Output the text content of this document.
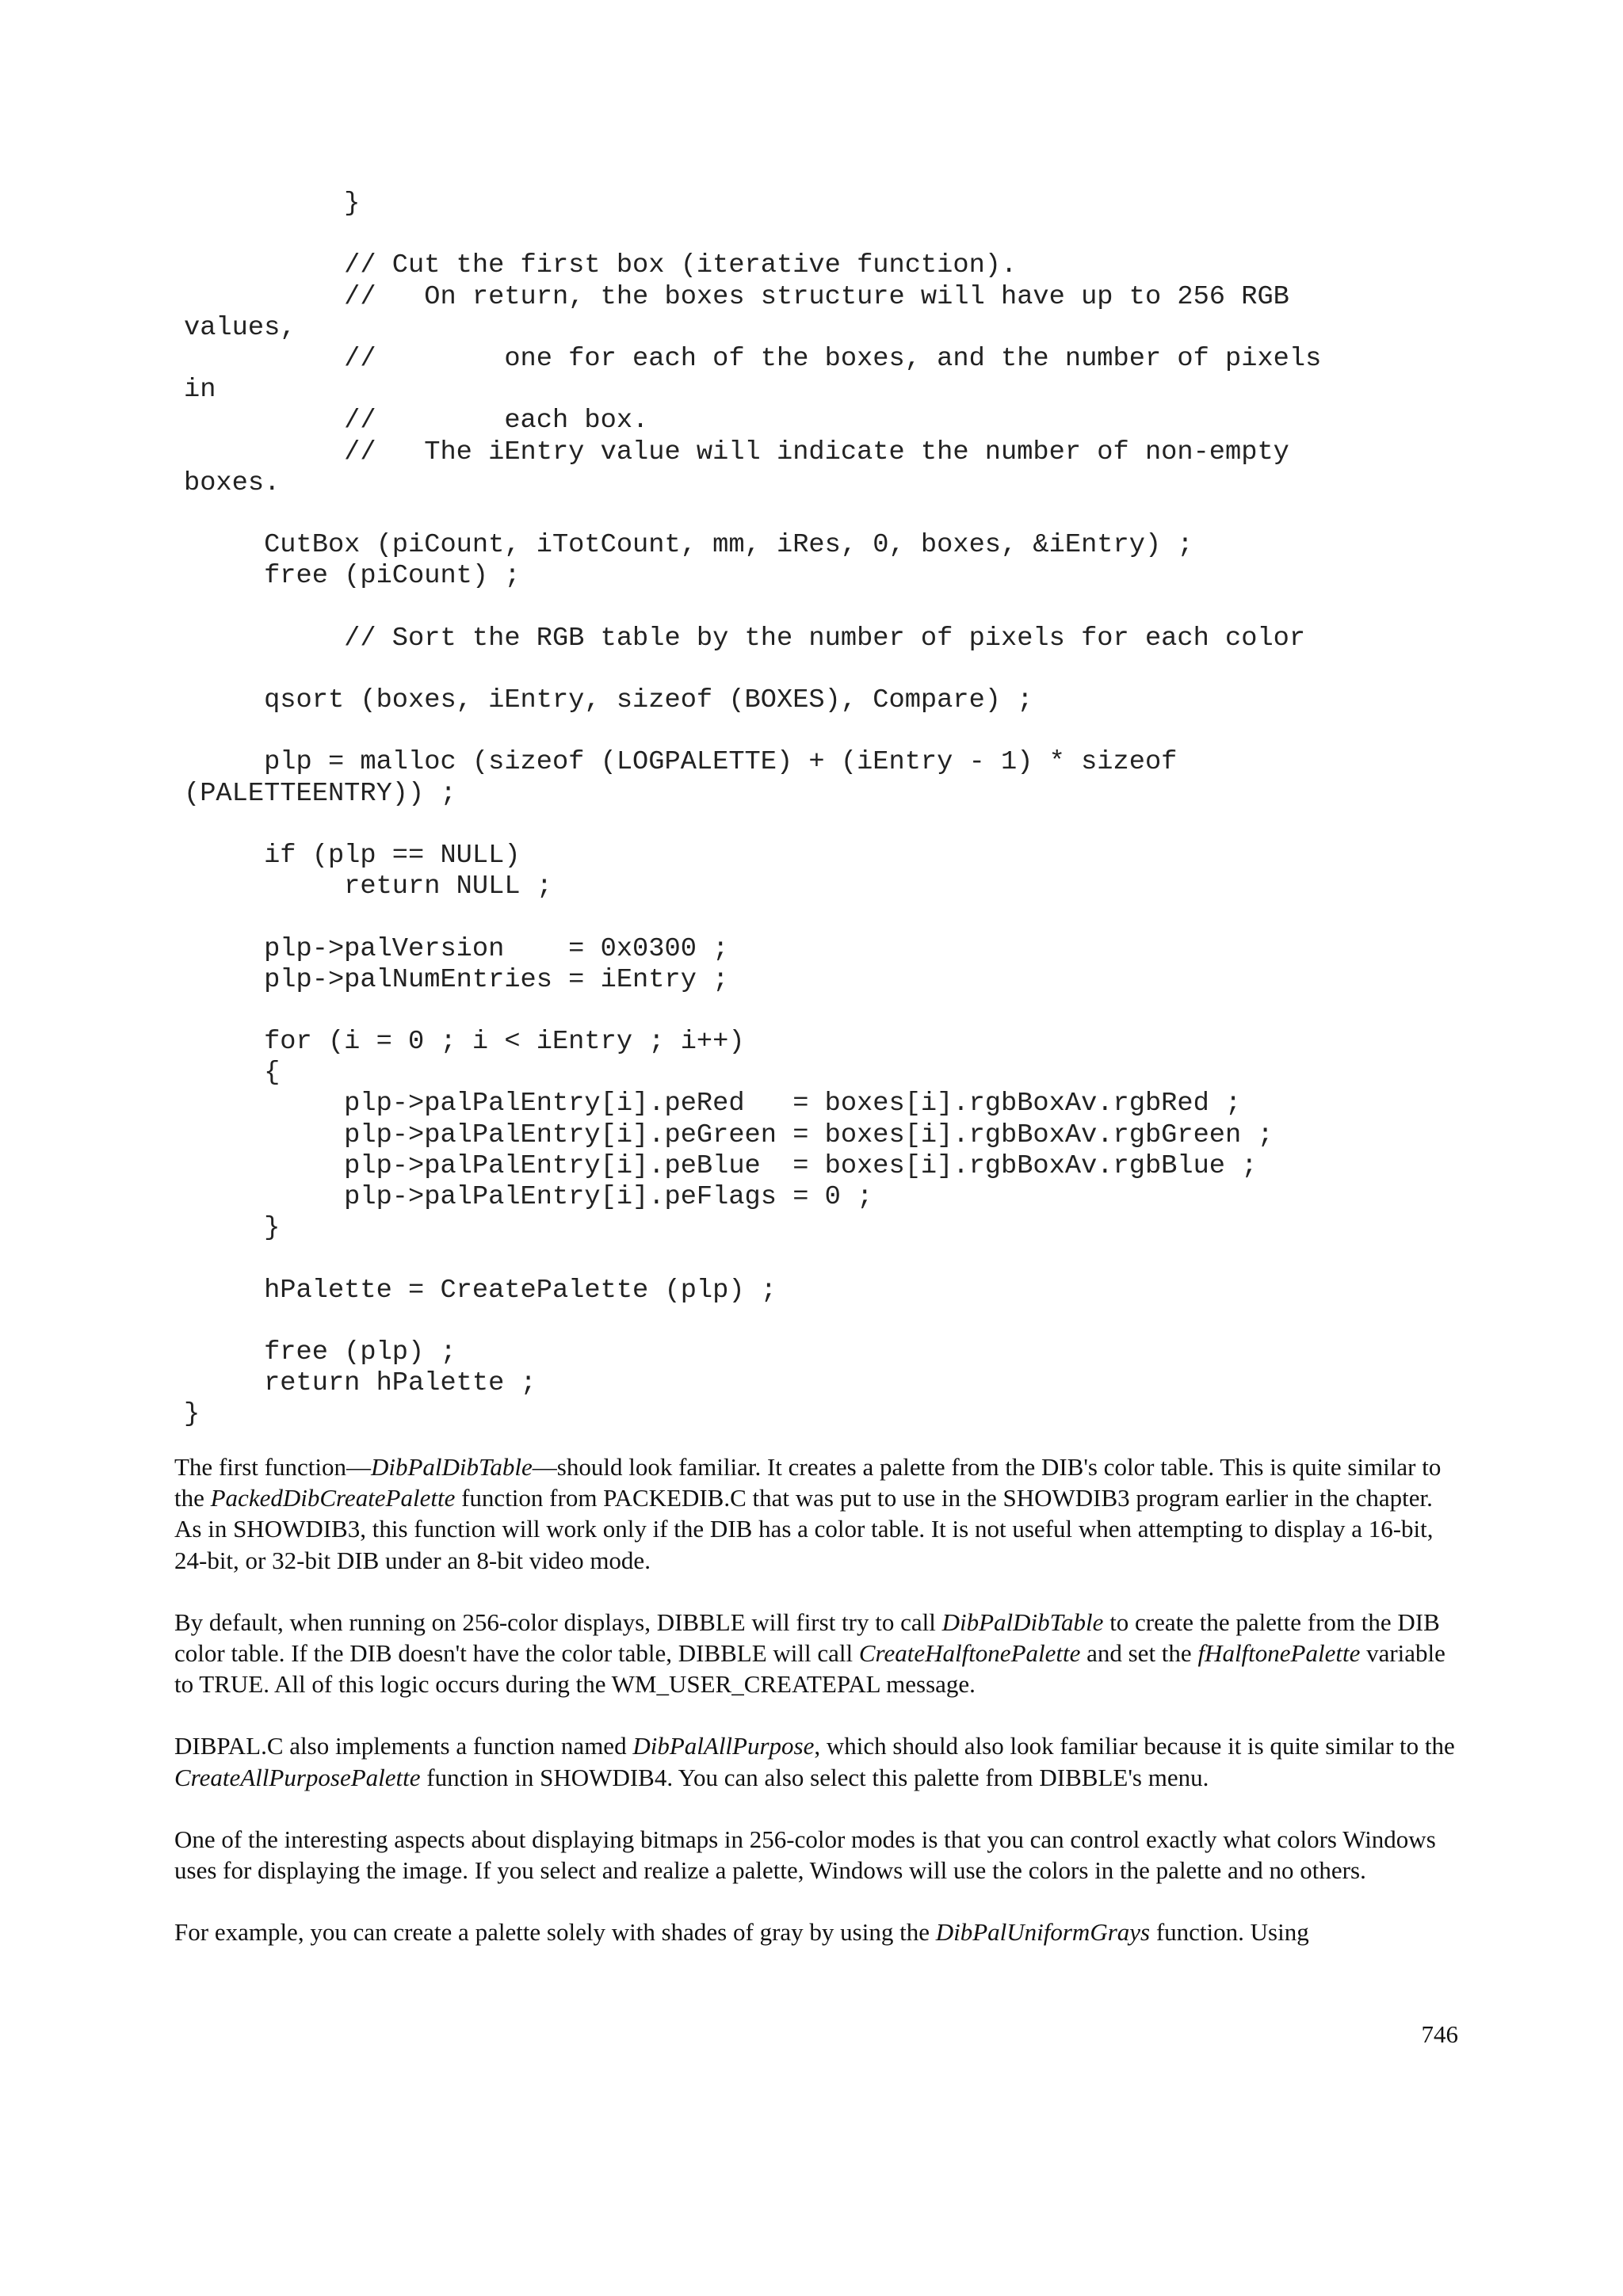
}
// Cut the first box (iterative function).
//   On return, the boxes structure will have up to 256 RGB
values,
//        one for each of the boxes, and the number of pixels
in
//        each box.
//   The iEntry value will indicate the number of non-empty
boxes.
CutBox (piCount, iTotCount, mm, iRes, 0, boxes, &iEntry) ;
free (piCount) ;
// Sort the RGB table by the number of pixels for each color
qsort (boxes, iEntry, sizeof (BOXES), Compare) ;
plp = malloc (sizeof (LOGPALETTE) + (iEntry - 1) * sizeof
(PALETTEENTRY)) ;
if (plp == NULL)
return NULL ;
plp->palVersion    = 0x0300 ;
plp->palNumEntries = iEntry ;
for (i = 0 ; i < iEntry ; i++)
{
plp->palPalEntry[i].peRed   = boxes[i].rgbBoxAv.rgbRed ;
plp->palPalEntry[i].peGreen = boxes[i].rgbBoxAv.rgbGreen ;
plp->palPalEntry[i].peBlue  = boxes[i].rgbBoxAv.rgbBlue ;
plp->palPalEntry[i].peFlags = 0 ;
}
hPalette = CreatePalette (plp) ;
free (plp) ;
return hPalette ;
}

The first function—DibPalDibTable—should look familiar. It creates a palette from the DIB's color table. This is quite similar to the PackedDibCreatePalette function from PACKEDIB.C that was put to use in the SHOWDIB3 program earlier in the chapter. As in SHOWDIB3, this function will work only if the DIB has a color table. It is not useful when attempting to display a 16-bit, 24-bit, or 32-bit DIB under an 8-bit video mode.

By default, when running on 256-color displays, DIBBLE will first try to call DibPalDibTable to create the palette from the DIB color table. If the DIB doesn't have the color table, DIBBLE will call CreateHalftonePalette and set the fHalftonePalette variable to TRUE. All of this logic occurs during the WM_USER_CREATEPAL message.

DIBPAL.C also implements a function named DibPalAllPurpose, which should also look familiar because it is quite similar to the CreateAllPurposePalette function in SHOWDIB4. You can also select this palette from DIBBLE's menu.

One of the interesting aspects about displaying bitmaps in 256-color modes is that you can control exactly what colors Windows uses for displaying the image. If you select and realize a palette, Windows will use the colors in the palette and no others.

For example, you can create a palette solely with shades of gray by using the DibPalUniformGrays function. Using

746
